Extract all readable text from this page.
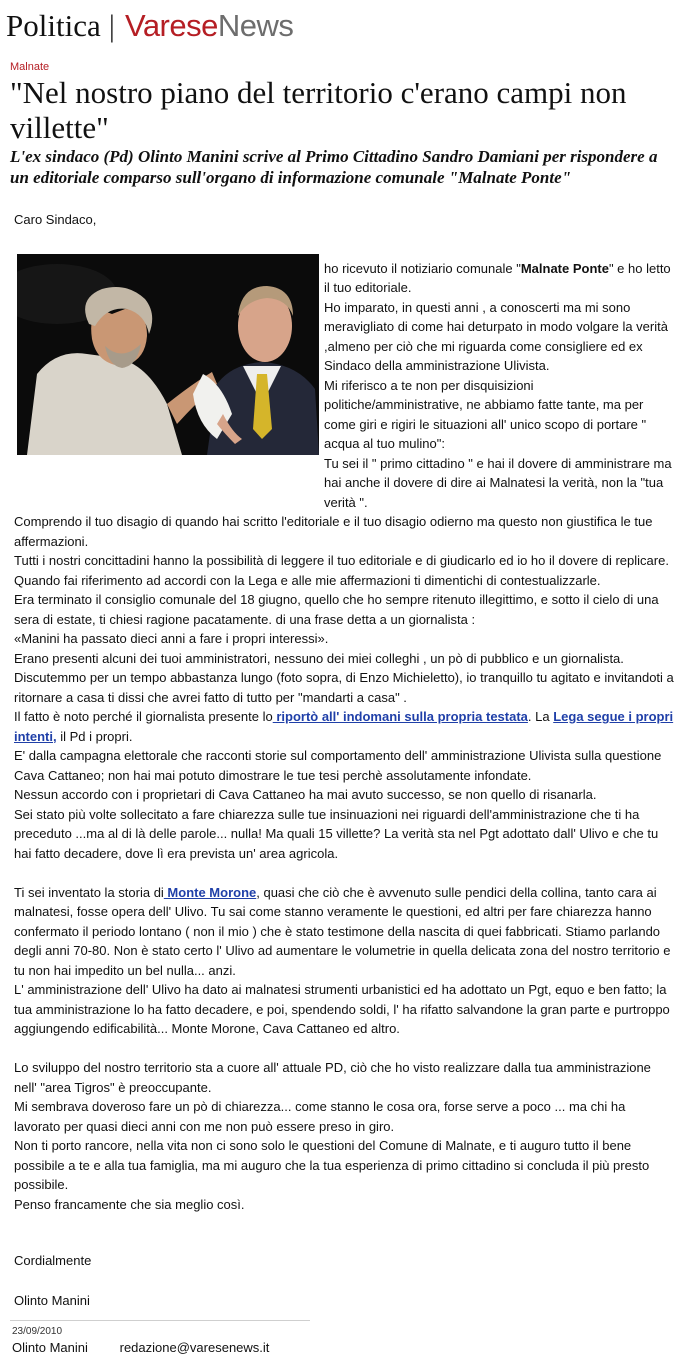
Politica | VareseNews
Malnate
"Nel nostro piano del territorio c'erano campi non villette"
L'ex sindaco (Pd) Olinto Manini scrive al Primo Cittadino Sandro Damiani per rispondere a un editoriale comparso sull'organo di informazione comunale "Malnate Ponte"

Caro Sindaco,

ho ricevuto il notiziario comunale "Malnate Ponte" e ho letto il tuo editoriale.

Ho imparato, in questi anni , a conoscerti ma mi sono meravigliato di come hai deturpato in modo volgare la verità ,almeno per ciò che mi riguarda come consigliere ed ex Sindaco della amministrazione Ulivista.

Mi riferisco a te non per disquisizioni politiche/amministrative, ne abbiamo fatte tante, ma per come giri e rigiri le situazioni all' unico scopo di portare " acqua al tuo mulino":

Tu sei il " primo cittadino " e hai il dovere di amministrare ma hai anche il dovere di dire ai Malnatesi la verità, non la "tua verità ".

Comprendo il tuo disagio di quando hai scritto l'editoriale e il tuo disagio odierno ma questo non giustifica le tue affermazioni.

Tutti i nostri concittadini hanno la possibilità di leggere il tuo editoriale e di giudicarlo ed io ho il dovere di replicare.

Quando fai riferimento ad accordi con la Lega e alle mie affermazioni ti dimentichi di contestualizzarle.

Era terminato il consiglio comunale del 18 giugno, quello che ho sempre ritenuto illegittimo, e sotto il cielo di una sera di estate, ti chiesi ragione pacatamente. di una frase detta a un giornalista :

«Manini ha passato dieci anni a fare i propri interessi».

Erano presenti alcuni dei tuoi amministratori, nessuno dei miei colleghi , un pò di pubblico e un giornalista. Discutemmo per un tempo abbastanza lungo (foto sopra, di Enzo Michieletto), io tranquillo tu agitato e invitandoti a ritornare a casa ti dissi che avrei fatto di tutto per "mandarti a casa" .

Il fatto è noto perché il giornalista presente lo riportò all' indomani sulla propria testata. La Lega segue i propri intenti, il Pd i propri.

E' dalla campagna elettorale che racconti storie sul comportamento dell' amministrazione Ulivista sulla questione Cava Cattaneo; non hai mai potuto dimostrare le tue tesi perchè assolutamente infondate.

Nessun accordo con i proprietari di Cava Cattaneo ha mai avuto successo, se non quello di risanarla.

Sei stato più volte sollecitato a fare chiarezza sulle tue insinuazioni nei riguardi dell'amministrazione che ti ha preceduto ...ma al di là delle parole... nulla! Ma quali 15 villette? La verità sta nel Pgt adottato dall' Ulivo e che tu hai fatto decadere, dove lì era prevista un' area agricola.

Ti sei inventato la storia di Monte Morone, quasi che ciò che è avvenuto sulle pendici della collina, tanto cara ai malnatesi, fosse opera dell' Ulivo. Tu sai come stanno veramente le questioni, ed altri per fare chiarezza hanno confermato il periodo lontano ( non il mio ) che è stato testimone della nascita di quei fabbricati. Stiamo parlando degli anni 70-80. Non è stato certo l' Ulivo ad aumentare le volumetrie in quella delicata zona del nostro territorio e tu non hai impedito un bel nulla... anzi.

L' amministrazione dell' Ulivo ha dato ai malnatesi strumenti urbanistici ed ha adottato un Pgt, equo e ben fatto; la tua amministrazione lo ha fatto decadere, e poi, spendendo soldi, l' ha rifatto salvandone la gran parte e purtroppo aggiungendo edificabilità... Monte Morone, Cava Cattaneo ed altro.

Lo sviluppo del nostro territorio sta a cuore all' attuale PD, ciò che ho visto realizzare dalla tua amministrazione nell' "area Tigros" è preoccupante.

Mi sembrava doveroso fare un pò di chiarezza... come stanno le cosa ora, forse serve a poco ... ma chi ha lavorato per quasi dieci anni con me non può essere preso in giro.

Non ti porto rancore, nella vita non ci sono solo le questioni del Comune di Malnate, e ti auguro tutto il bene possibile a te e alla tua famiglia, ma mi auguro che la tua esperienza di primo cittadino si concluda il più presto possibile.

Penso francamente che sia meglio così.

Cordialmente

Olinto Manini

23/09/2010
Olinto Manini redazione@varesenews.it
